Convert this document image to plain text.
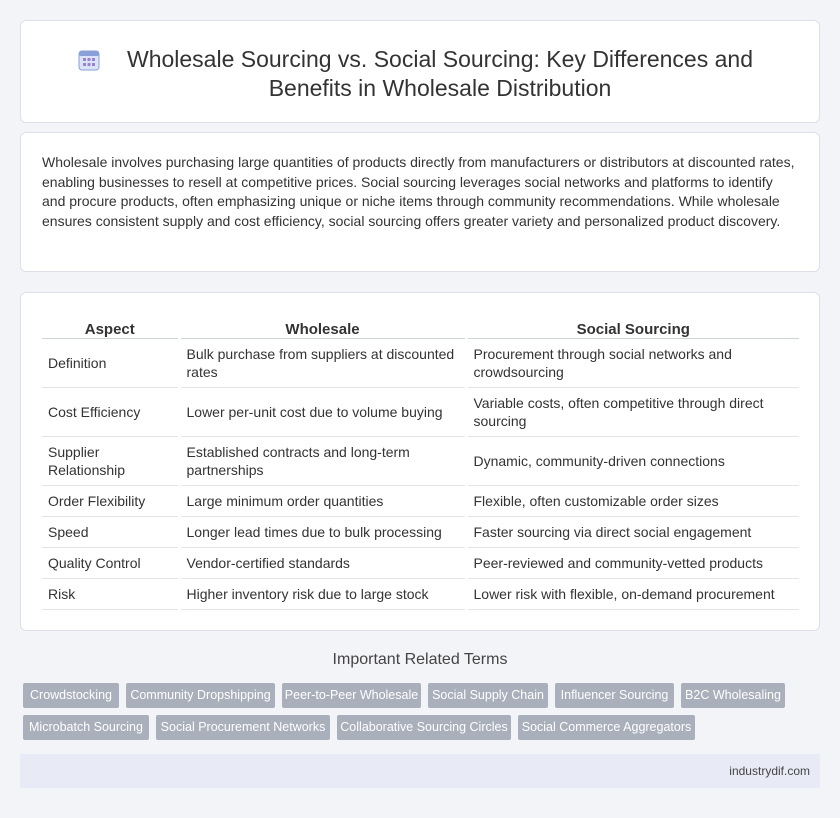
Wholesale Sourcing vs. Social Sourcing: Key Differences and Benefits in Wholesale Distribution

Wholesale involves purchasing large quantities of products directly from manufacturers or distributors at discounted rates, enabling businesses to resell at competitive prices. Social sourcing leverages social networks and platforms to identify and procure products, often emphasizing unique or niche items through community recommendations. While wholesale ensures consistent supply and cost efficiency, social sourcing offers greater variety and personalized product discovery.

Aspect	Wholesale	Social Sourcing
Definition	Bulk purchase from suppliers at discounted rates	Procurement through social networks and crowdsourcing
Cost Efficiency	Lower per-unit cost due to volume buying	Variable costs, often competitive through direct sourcing
Supplier Relationship	Established contracts and long-term partnerships	Dynamic, community-driven connections
Order Flexibility	Large minimum order quantities	Flexible, often customizable order sizes
Speed	Longer lead times due to bulk processing	Faster sourcing via direct social engagement
Quality Control	Vendor-certified standards	Peer-reviewed and community-vetted products
Risk	Higher inventory risk due to large stock	Lower risk with flexible, on-demand procurement
Important Related Terms
Crowdstocking	Community Dropshipping	Peer-to-Peer Wholesale	Social Supply Chain	Influencer Sourcing	B2C Wholesaling
Microbatch Sourcing	Social Procurement Networks	Collaborative Sourcing Circles Social Commerce Aggregators
industrydif.com
